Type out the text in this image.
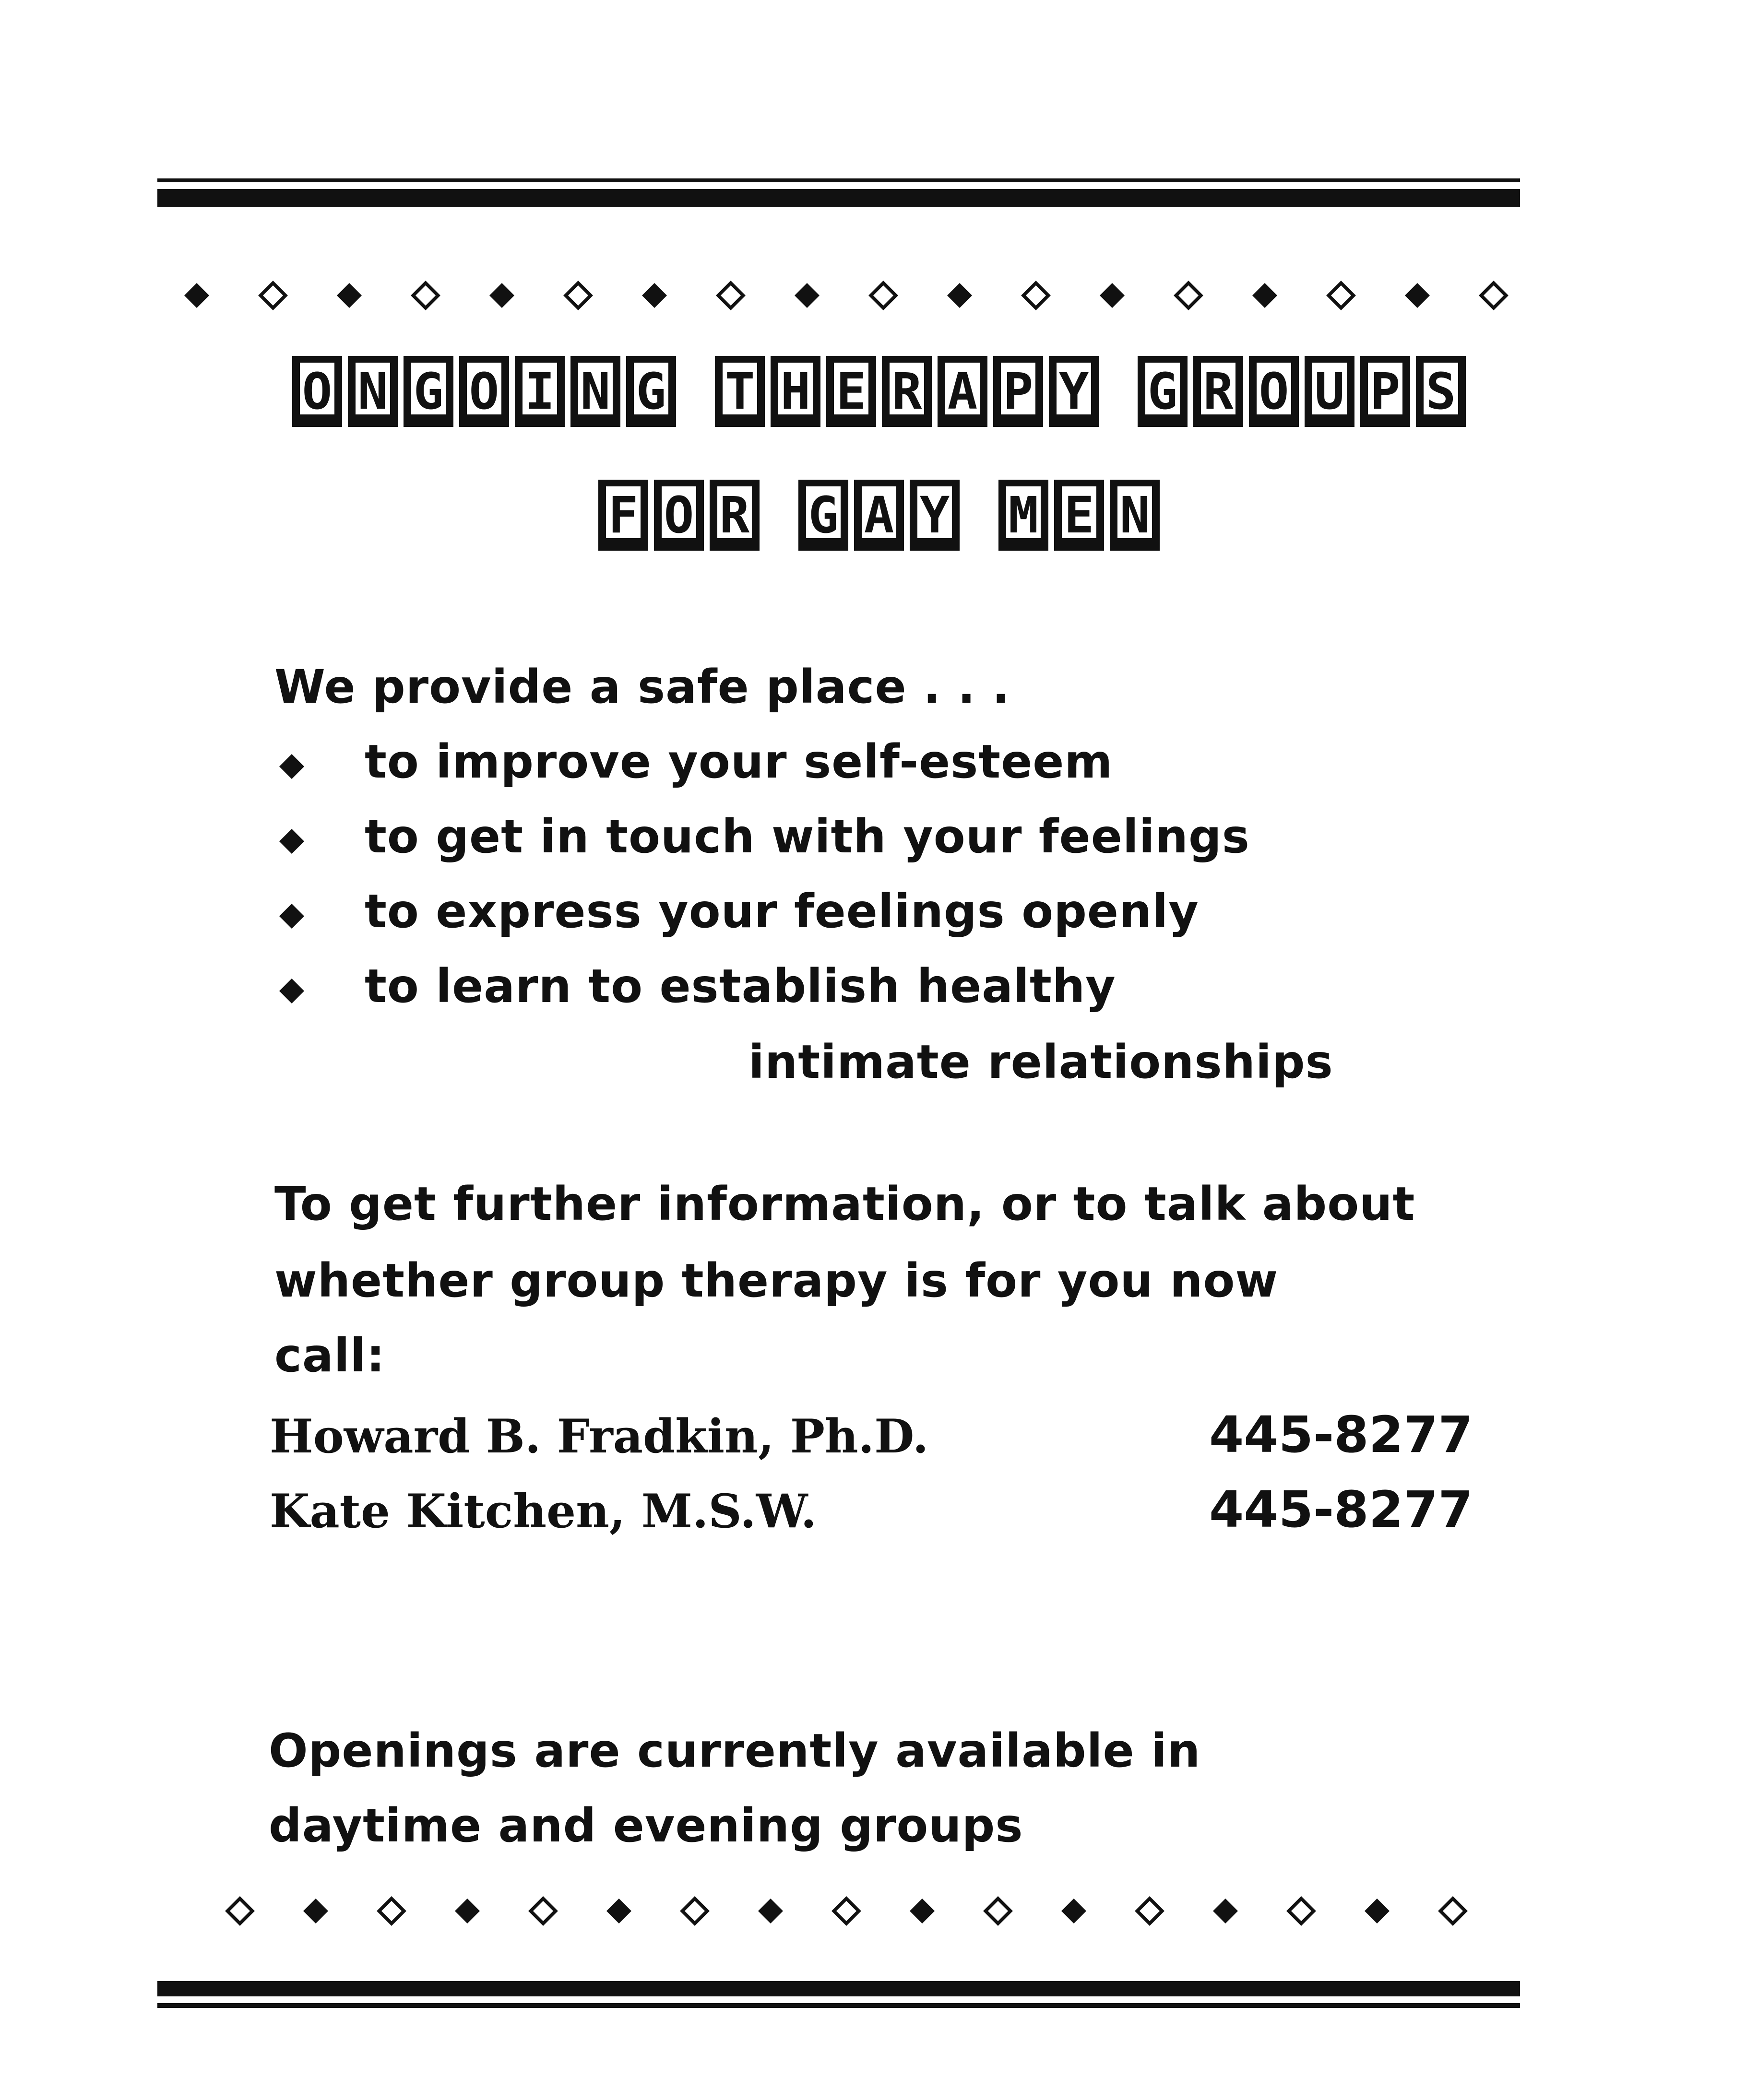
O N G O I N G
T H E R A P Y
G R O U P S
F O R
G A Y
M E N
We provide a safe place . . .
to improve your self-esteem
to get in touch with your feelings
to express your feelings openly
to learn to establish healthy
intimate relationships
To get further information, or to talk about
whether group therapy is for you now
call:
Howard B. Fradkin, Ph.D.	445-8277
Kate Kitchen, M.S.W.	445-8277
Openings are currently available in
daytime and evening groups
